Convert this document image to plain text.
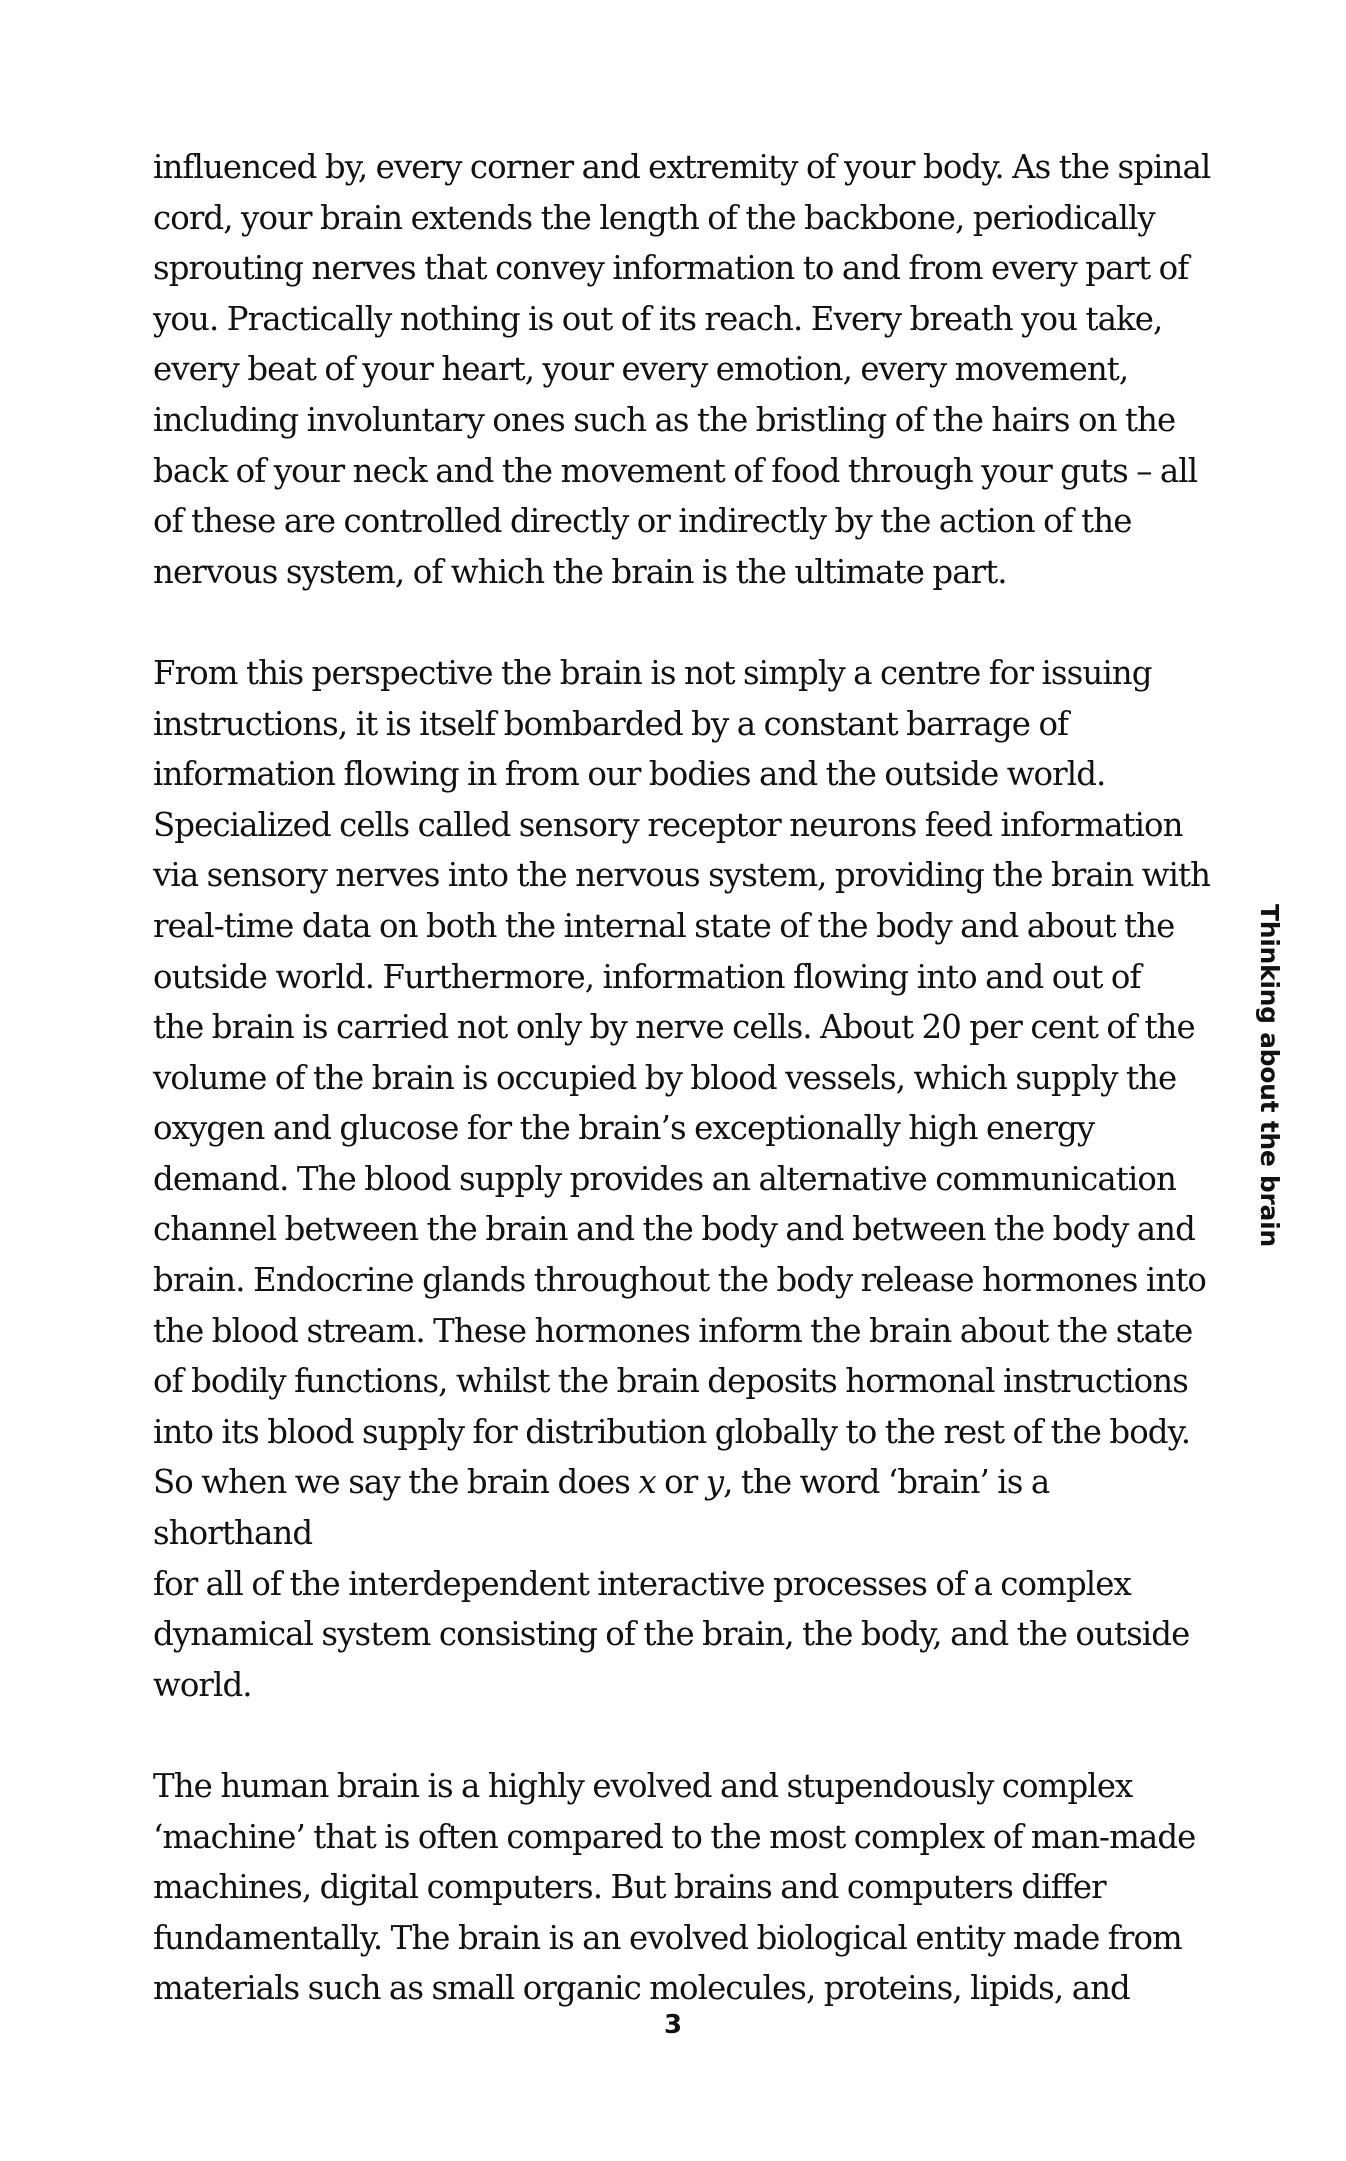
influenced by, every corner and extremity of your body. As the spinal
cord, your brain extends the length of the backbone, periodically
sprouting nerves that convey information to and from every part of
you. Practically nothing is out of its reach. Every breath you take,
every beat of your heart, your every emotion, every movement,
including involuntary ones such as the bristling of the hairs on the
back of your neck and the movement of food through your guts – all
of these are controlled directly or indirectly by the action of the
nervous system, of which the brain is the ultimate part.

From this perspective the brain is not simply a centre for issuing
instructions, it is itself bombarded by a constant barrage of
information flowing in from our bodies and the outside world.
Specialized cells called sensory receptor neurons feed information
via sensory nerves into the nervous system, providing the brain with
real-time data on both the internal state of the body and about the
outside world. Furthermore, information flowing into and out of
the brain is carried not only by nerve cells. About 20 per cent of the
volume of the brain is occupied by blood vessels, which supply the
oxygen and glucose for the brain’s exceptionally high energy
demand. The blood supply provides an alternative communication
channel between the brain and the body and between the body and
brain. Endocrine glands throughout the body release hormones into
the blood stream. These hormones inform the brain about the state
of bodily functions, whilst the brain deposits hormonal instructions
into its blood supply for distribution globally to the rest of the body.
So when we say the brain does x or y, the word ‘brain’ is a shorthand
for all of the interdependent interactive processes of a complex
dynamical system consisting of the brain, the body, and the outside
world.

The human brain is a highly evolved and stupendously complex
‘machine’ that is often compared to the most complex of man-made
machines, digital computers. But brains and computers differ
fundamentally. The brain is an evolved biological entity made from
materials such as small organic molecules, proteins, lipids, and

Thinking about the brain
3
